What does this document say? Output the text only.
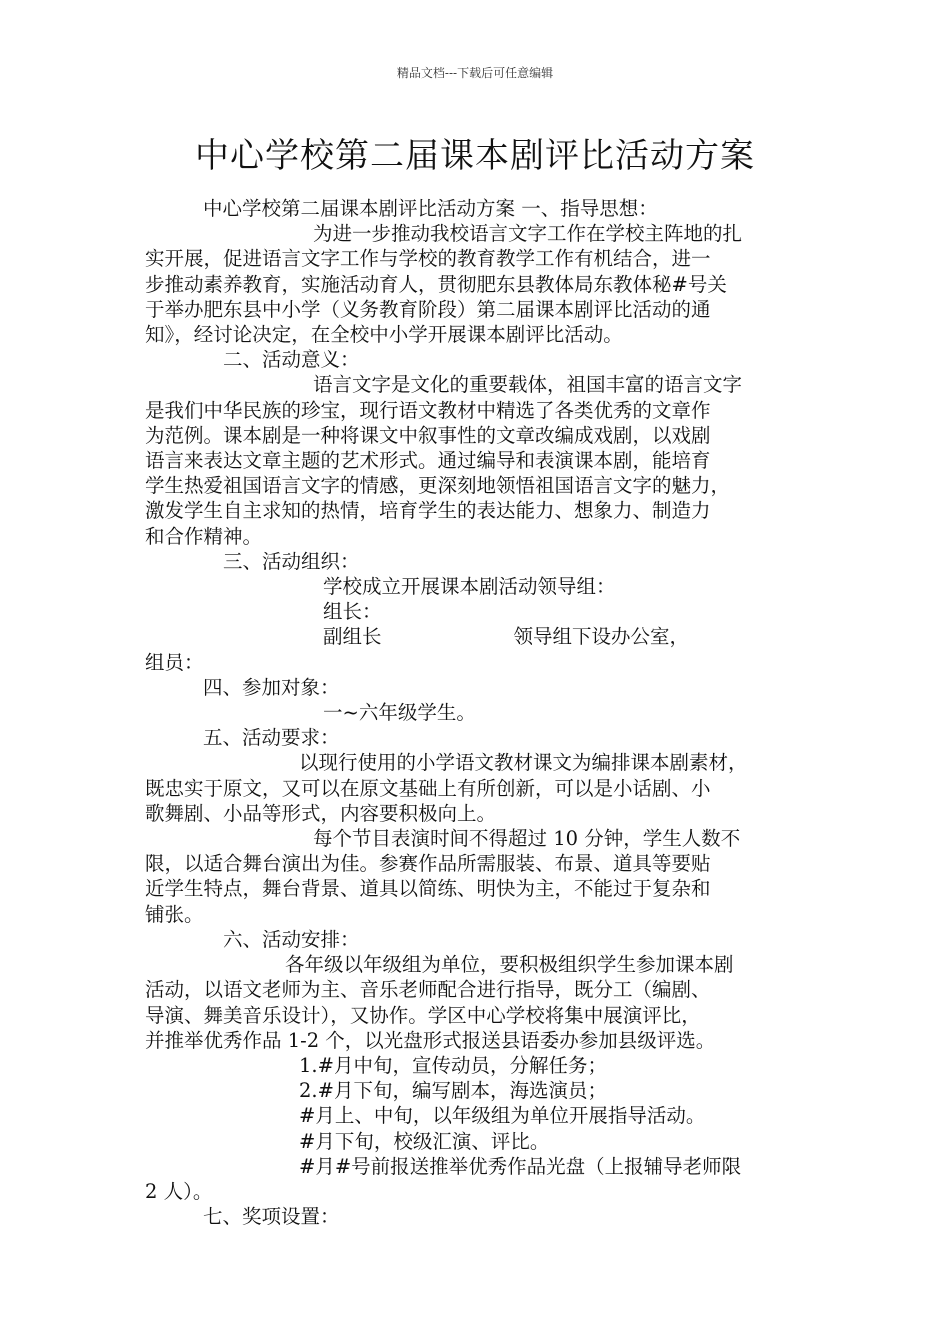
精品文档---下载后可任意编辑
中心学校第二届课本剧评比活动方案

中心学校第二届课本剧评比活动方案 一、指导思想：

为进一步推动我校语言文字工作在学校主阵地的扎

实开展，促进语言文字工作与学校的教育教学工作有机结合，进一

步推动素养教育，实施活动育人，贯彻肥东县教体局东教体秘#号关

于举办肥东县中小学（义务教育阶段）第二届课本剧评比活动的通

知》，经讨论决定，在全校中小学开展课本剧评比活动。

二、活动意义：

语言文字是文化的重要载体，祖国丰富的语言文字

是我们中华民族的珍宝，现行语文教材中精选了各类优秀的文章作

为范例。课本剧是一种将课文中叙事性的文章改编成戏剧，以戏剧

语言来表达文章主题的艺术形式。通过编导和表演课本剧，能培育

学生热爱祖国语言文字的情感，更深刻地领悟祖国语言文字的魅力，

激发学生自主求知的热情，培育学生的表达能力、想象力、制造力

和合作精神。

三、活动组织：

学校成立开展课本剧活动领导组：

组长：

副组长	领导组下设办公室，

组员：

四、参加对象：

一~六年级学生。

五、活动要求：

以现行使用的小学语文教材课文为编排课本剧素材，

既忠实于原文，又可以在原文基础上有所创新，可以是小话剧、小

歌舞剧、小品等形式，内容要积极向上。

每个节目表演时间不得超过 10 分钟，学生人数不

限，以适合舞台演出为佳。参赛作品所需服装、布景、道具等要贴

近学生特点，舞台背景、道具以简练、明快为主，不能过于复杂和

铺张。

六、活动安排：

各年级以年级组为单位，要积极组织学生参加课本剧

活动，以语文老师为主、音乐老师配合进行指导，既分工（编剧、

导演、舞美音乐设计），又协作。学区中心学校将集中展演评比，

并推举优秀作品 1-2 个，以光盘形式报送县语委办参加县级评选。

1.#月中旬，宣传动员，分解任务；

2.#月下旬，编写剧本，海选演员；

#月上、中旬，以年级组为单位开展指导活动。

#月下旬，校级汇演、评比。

#月#号前报送推举优秀作品光盘（上报辅导老师限

2 人）。

七、奖项设置：
